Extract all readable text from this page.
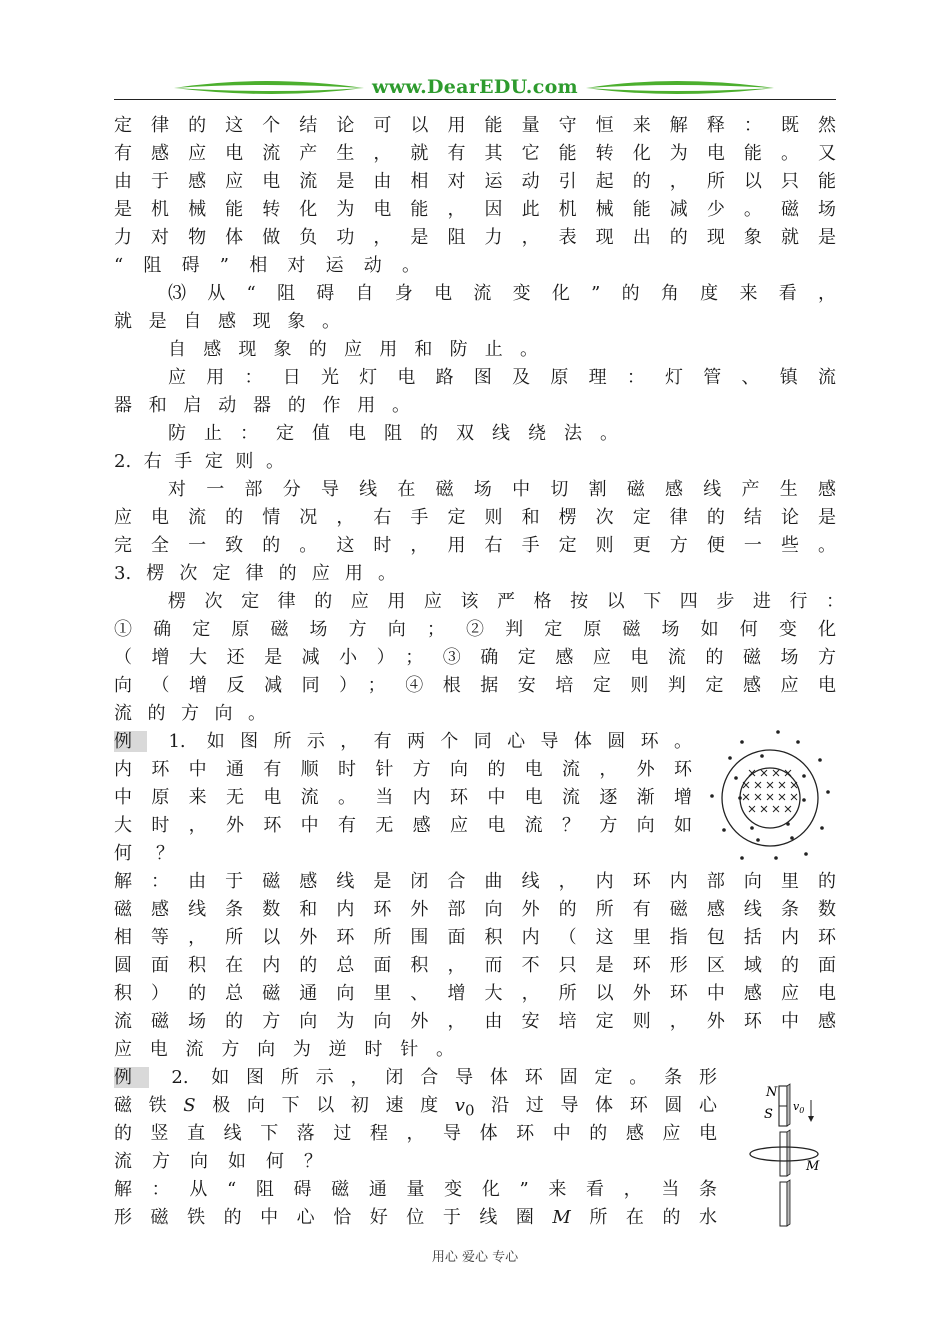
www.DearEDU.com
定律的这个结论可以用能量守恒来解释：既然
有感应电流产生，就有其它能转化为电能。又
由于感应电流是由相对运动引起的，所以只能
是机械能转化为电能，因此机械能减少。磁场
力对物体做负功，是阻力，表现出的现象就是
“阻碍”相对运动。
⑶从“阻碍自身电流变化”的角度来看，
就是自感现象。
自感现象的应用和防止。
应用：日光灯电路图及原理：灯管、镇流
器和启动器的作用。
防止：定值电阻的双线绕法。
2.右手定则。
对一部分导线在磁场中切割磁感线产生感
应电流的情况，右手定则和楞次定律的结论是
完全一致的。这时，用右手定则更方便一些。
3.楞次定律的应用。
楞次定律的应用应该严格按以下四步进行：
①确定原磁场方向；②判定原磁场如何变化
（增大还是减小）；③确定感应电流的磁场方
向（增反减同）；④根据安培定则判定感应电
流的方向。
例 1. 如图所示，有两个同心导体圆环。
内环中通有顺时针方向的电流，外环
中原来无电流。当内环中电流逐渐增
大时，外环中有无感应电流？方向如
何？
解：由于磁感线是闭合曲线，内环内部向里的
磁感线条数和内环外部向外的所有磁感线条数
相等，所以外环所围面积内（这里指包括内环
圆面积在内的总面积，而不只是环形区域的面
积）的总磁通向里、增大，所以外环中感应电
流磁场的方向为向外，由安培定则，外环中感
应电流方向为逆时针。
例 2. 如图所示，闭合导体环固定。条形
磁铁S极向下以初速度$v_0$沿过导体环圆心
的竖直线下落过程，导体环中的感应电
流方向如何？
解：从“阻碍磁通量变化”来看，当条
形磁铁的中心恰好位于线圈M所在的水
N
S
$v_0$
M
用心 爱心 专心
